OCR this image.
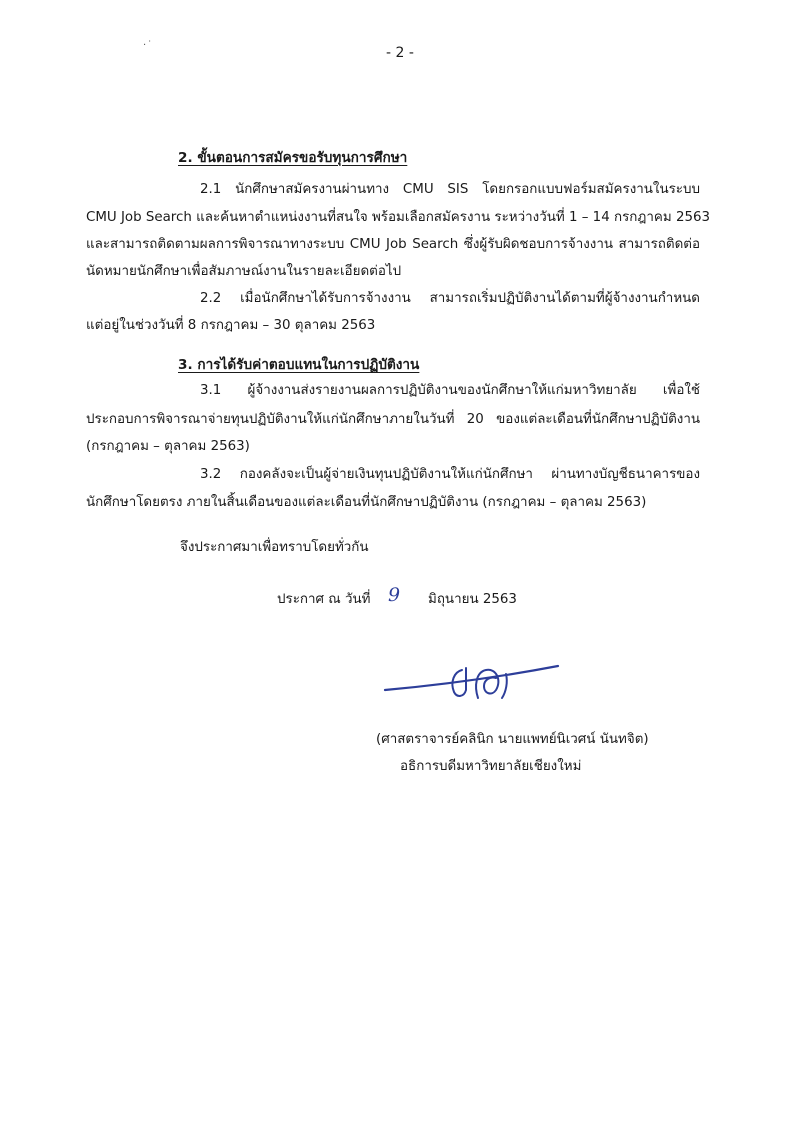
·˙	- 2 -
2. ขั้นตอนการสมัครขอรับทุนการศึกษา
2.1 นักศึกษาสมัครงานผ่านทาง CMU SIS โดยกรอกแบบฟอร์มสมัครงานในระบบ
CMU Job Search และค้นหาตำแหน่งงานที่สนใจ พร้อมเลือกสมัครงาน ระหว่างวันที่ 1 – 14 กรกฎาคม 2563
และสามารถติดตามผลการพิจารณาทางระบบ CMU Job Search ซึ่งผู้รับผิดชอบการจ้างงาน สามารถติดต่อ
นัดหมายนักศึกษาเพื่อสัมภาษณ์งานในรายละเอียดต่อไป
2.2 เมื่อนักศึกษาได้รับการจ้างงาน สามารถเริ่มปฏิบัติงานได้ตามที่ผู้จ้างงานกำหนด
แต่อยู่ในช่วงวันที่ 8 กรกฎาคม – 30 ตุลาคม 2563
3. การได้รับค่าตอบแทนในการปฏิบัติงาน
3.1 ผู้จ้างงานส่งรายงานผลการปฏิบัติงานของนักศึกษาให้แก่มหาวิทยาลัย เพื่อใช้
ประกอบการพิจารณาจ่ายทุนปฏิบัติงานให้แก่นักศึกษาภายในวันที่ 20 ของแต่ละเดือนที่นักศึกษาปฏิบัติงาน
(กรกฎาคม – ตุลาคม 2563)
3.2 กองคลังจะเป็นผู้จ่ายเงินทุนปฏิบัติงานให้แก่นักศึกษา ผ่านทางบัญชีธนาคารของ
นักศึกษาโดยตรง ภายในสิ้นเดือนของแต่ละเดือนที่นักศึกษาปฏิบัติงาน (กรกฎาคม – ตุลาคม 2563)
จึงประกาศมาเพื่อทราบโดยทั่วกัน
ประกาศ ณ วันที่ 9 มิถุนายน 2563
(ศาสตราจารย์คลินิก นายแพทย์นิเวศน์ นันทจิต)
อธิการบดีมหาวิทยาลัยเชียงใหม่
